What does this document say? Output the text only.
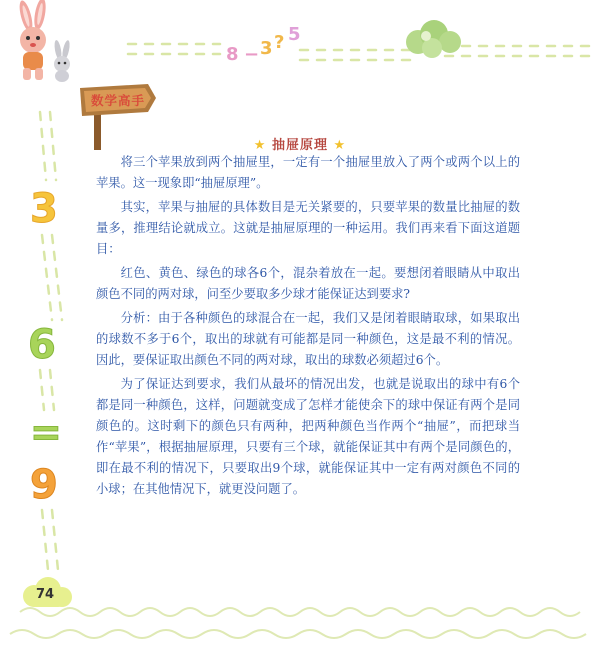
8 − 3 ? 5
数学高手
3
6
=
9
★ 抽屉原理 ★

将三个苹果放到两个抽屉里，一定有一个抽屉里放入了两个或两个以上的苹果。这一现象即“抽屉原理”。

其实，苹果与抽屉的具体数目是无关紧要的，只要苹果的数量比抽屉的数量多，推理结论就成立。这就是抽屉原理的一种运用。我们再来看下面这道题目：

红色、黄色、绿色的球各6个，混杂着放在一起。要想闭着眼睛从中取出颜色不同的两对球，问至少要取多少球才能保证达到要求?

分析：由于各种颜色的球混合在一起，我们又是闭着眼睛取球，如果取出的球数不多于6个，取出的球就有可能都是同一种颜色，这是最不利的情况。因此，要保证取出颜色不同的两对球，取出的球数必须超过6个。

为了保证达到要求，我们从最坏的情况出发，也就是说取出的球中有6个都是同一种颜色，这样，问题就变成了怎样才能使余下的球中保证有两个是同颜色的。这时剩下的颜色只有两种，把两种颜色当作两个“抽屉”，而把球当作“苹果”，根据抽屉原理，只要有三个球，就能保证其中有两个是同颜色的，即在最不利的情况下，只要取出9个球，就能保证其中一定有两对颜色不同的小球；在其他情况下，就更没问题了。

74
